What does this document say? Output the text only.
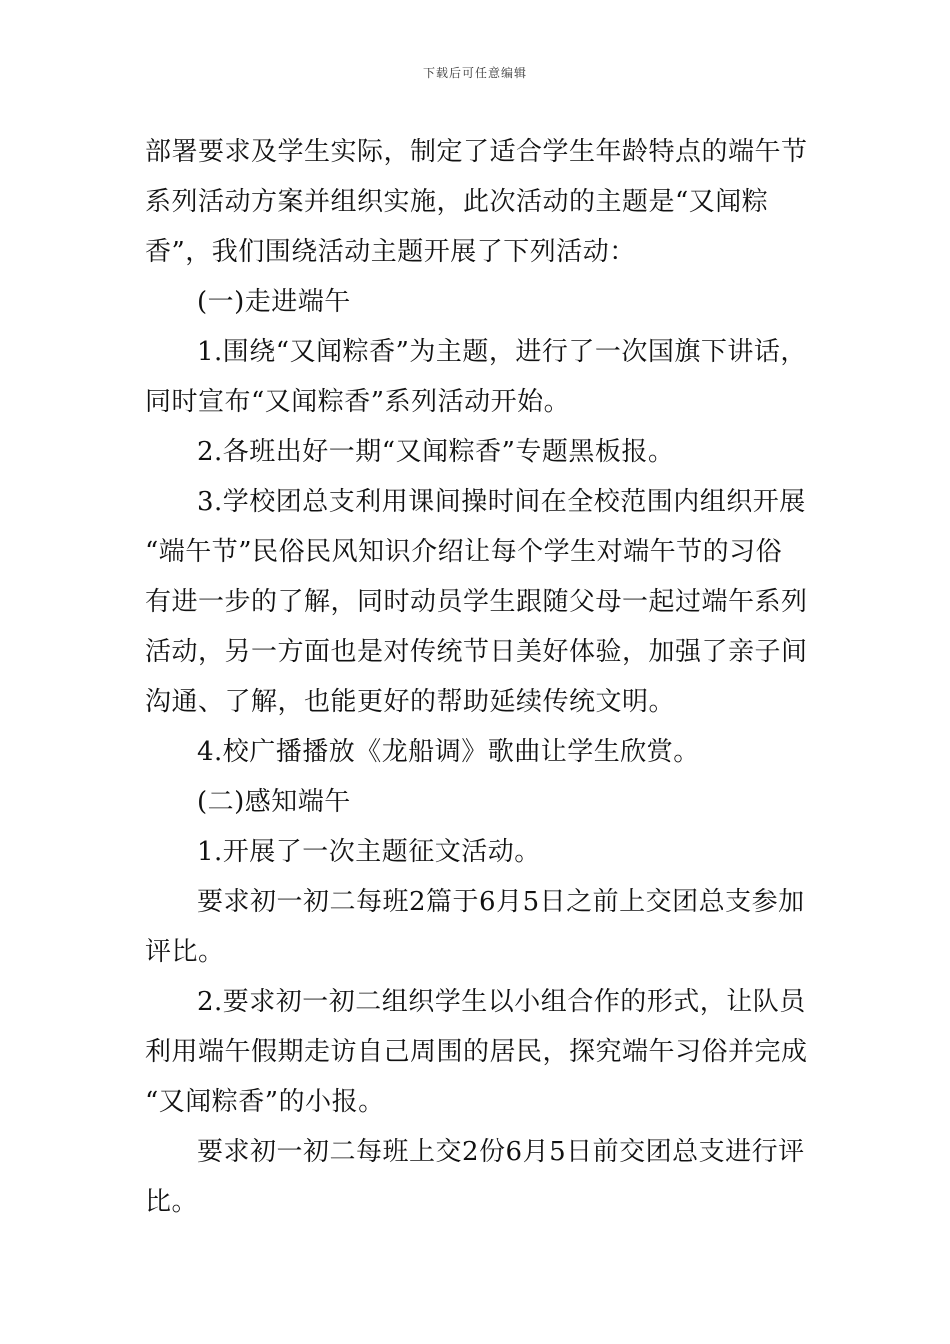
下载后可任意编辑
部署要求及学生实际，制定了适合学生年龄特点的端午节
系列活动方案并组织实施，此次活动的主题是“又闻粽
香”，我们围绕活动主题开展了下列活动：
(一)走进端午
1.围绕“又闻粽香”为主题，进行了一次国旗下讲话，
同时宣布“又闻粽香”系列活动开始。
2.各班出好一期“又闻粽香”专题黑板报。
3.学校团总支利用课间操时间在全校范围内组织开展
“端午节”民俗民风知识介绍让每个学生对端午节的习俗
有进一步的了解，同时动员学生跟随父母一起过端午系列
活动，另一方面也是对传统节日美好体验，加强了亲子间
沟通、了解，也能更好的帮助延续传统文明。
4.校广播播放《龙船调》歌曲让学生欣赏。
(二)感知端午
1.开展了一次主题征文活动。
要求初一初二每班2篇于6月5日之前上交团总支参加
评比。
2.要求初一初二组织学生以小组合作的形式，让队员
利用端午假期走访自己周围的居民，探究端午习俗并完成
“又闻粽香”的小报。
要求初一初二每班上交2份6月5日前交团总支进行评
比。
